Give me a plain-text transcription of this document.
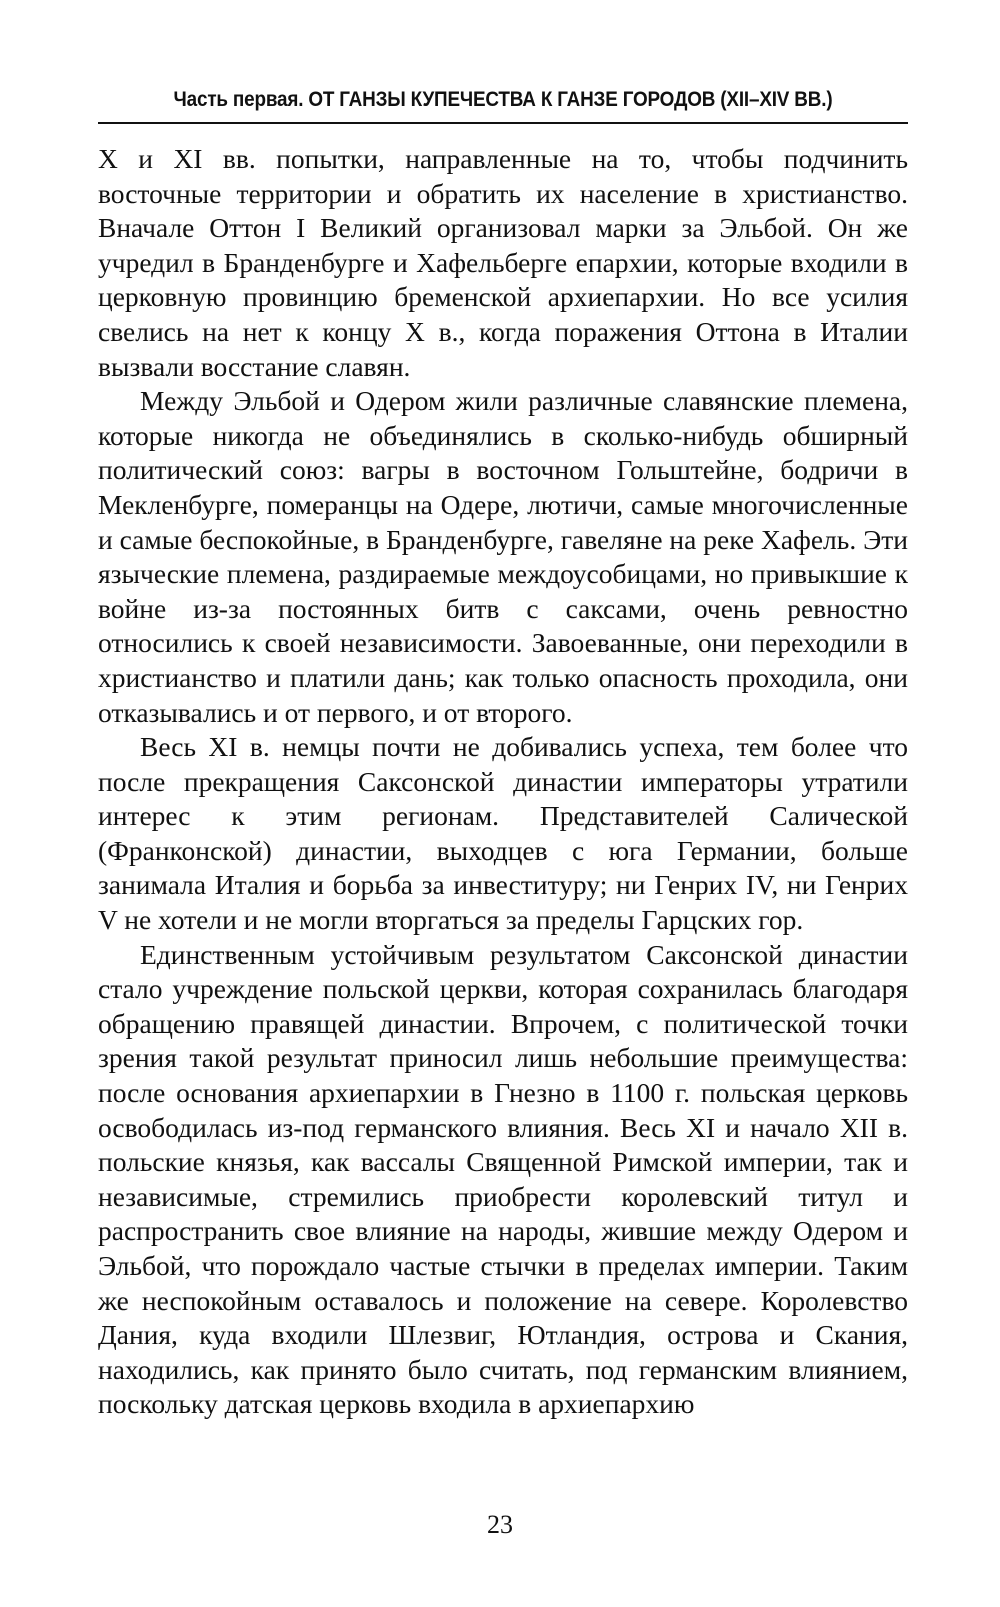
Часть первая. ОТ ГАНЗЫ КУПЕЧЕСТВА К ГАНЗЕ ГОРОДОВ (XII–XIV ВВ.)

X и XI вв. попытки, направленные на то, чтобы подчинить восточные территории и обратить их население в христианство. Вначале Оттон I Великий организовал марки за Эльбой. Он же учредил в Бранденбурге и Хафельберге епархии, которые входили в церковную провинцию бременской архиепархии. Но все усилия свелись на нет к концу X в., когда поражения Оттона в Италии вызвали восстание славян.

Между Эльбой и Одером жили различные славянские племена, которые никогда не объединялись в сколько-нибудь обширный политический союз: вагры в восточном Гольштейне, бодричи в Мекленбурге, померанцы на Одере, лютичи, самые многочисленные и самые беспокойные, в Бранденбурге, гавеляне на реке Хафель. Эти языческие племена, раздираемые междоусобицами, но привыкшие к войне из-за постоянных битв с саксами, очень ревностно относились к своей независимости. Завоеванные, они переходили в христианство и платили дань; как только опасность проходила, они отказывались и от первого, и от второго.

Весь XI в. немцы почти не добивались успеха, тем более что после прекращения Саксонской династии императоры утратили интерес к этим регионам. Представителей Салической (Франконской) династии, выходцев с юга Германии, больше занимала Италия и борьба за инвеституру; ни Генрих IV, ни Генрих V не хотели и не могли вторгаться за пределы Гарцских гор.

Единственным устойчивым результатом Саксонской династии стало учреждение польской церкви, которая сохранилась благодаря обращению правящей династии. Впрочем, с политической точки зрения такой результат приносил лишь небольшие преимущества: после основания архиепархии в Гнезно в 1100 г. польская церковь освободилась из-под германского влияния. Весь XI и начало XII в. польские князья, как вассалы Священной Римской империи, так и независимые, стремились приобрести королевский титул и распространить свое влияние на народы, жившие между Одером и Эльбой, что порождало частые стычки в пределах империи. Таким же неспокойным оставалось и положение на севере. Королевство Дания, куда входили Шлезвиг, Ютландия, острова и Скания, находились, как принято было считать, под германским влиянием, поскольку датская церковь входила в архиепархию

23
